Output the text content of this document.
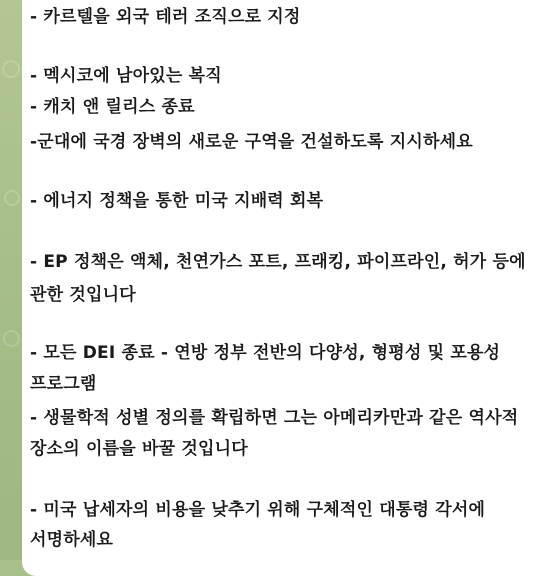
- 카르텔을 외국 테러 조직으로 지정

- 멕시코에 남아있는 복직

- 캐치 앤 릴리스 종료

-군대에 국경 장벽의 새로운 구역을 건설하도록 지시하세요

- 에너지 정책을 통한 미국 지배력 회복

- EP 정책은 액체, 천연가스 포트, 프래킹, 파이프라인, 허가 등에

관한 것입니다

- 모든 DEI 종료 - 연방 정부 전반의 다양성, 형평성 및 포용성

프로그램

- 생물학적 성별 정의를 확립하면 그는 아메리카만과 같은 역사적

장소의 이름을 바꿀 것입니다

- 미국 납세자의 비용을 낮추기 위해 구체적인 대통령 각서에

서명하세요
